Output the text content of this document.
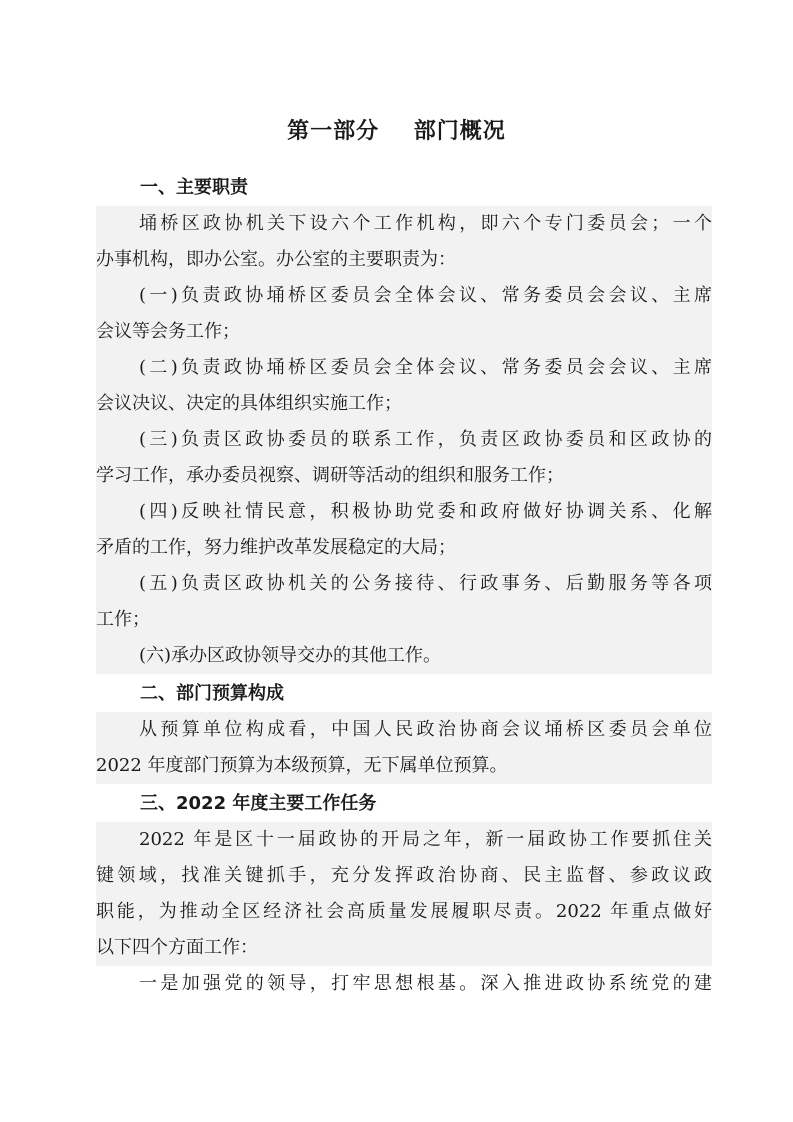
第一部分    部门概况
一、主要职责
埇桥区政协机关下设六个工作机构，即六个专门委员会；一个
办事机构，即办公室。办公室的主要职责为：
(一)负责政协埇桥区委员会全体会议、常务委员会会议、主席
会议等会务工作；
(二)负责政协埇桥区委员会全体会议、常务委员会会议、主席
会议决议、决定的具体组织实施工作；
(三)负责区政协委员的联系工作，负责区政协委员和区政协的
学习工作，承办委员视察、调研等活动的组织和服务工作；
(四)反映社情民意，积极协助党委和政府做好协调关系、化解
矛盾的工作，努力维护改革发展稳定的大局；
(五)负责区政协机关的公务接待、行政事务、后勤服务等各项
工作；
(六)承办区政协领导交办的其他工作。
二、部门预算构成
从预算单位构成看，中国人民政治协商会议埇桥区委员会单位
2022 年度部门预算为本级预算，无下属单位预算。
三、2022 年度主要工作任务
2022 年是区十一届政协的开局之年，新一届政协工作要抓住关
键领域，找准关键抓手，充分发挥政治协商、民主监督、参政议政
职能，为推动全区经济社会高质量发展履职尽责。2022 年重点做好
以下四个方面工作：
一是加强党的领导，打牢思想根基。深入推进政协系统党的建
